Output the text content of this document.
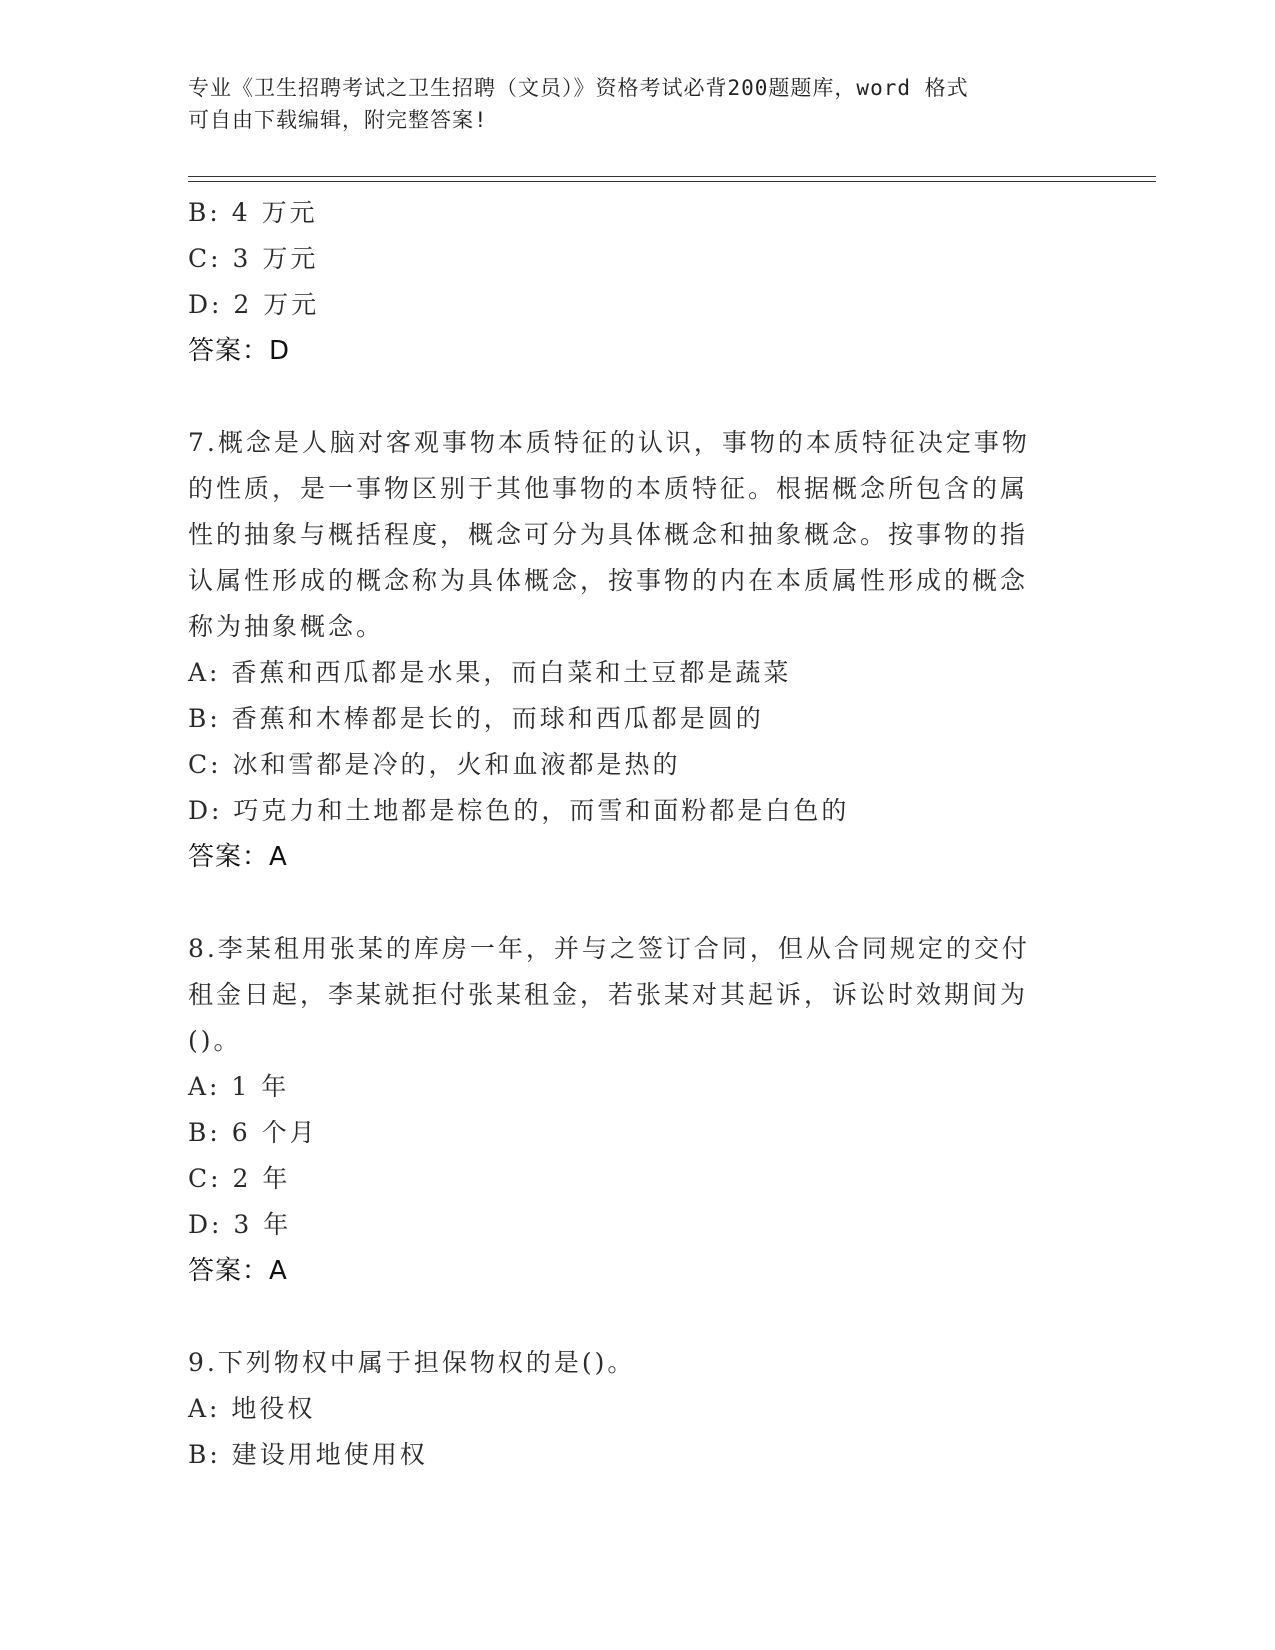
专业《卫生招聘考试之卫生招聘（文员）》资格考试必背200题题库，word 格式
可自由下载编辑，附完整答案!
B: 4 万元
C: 3 万元
D: 2 万元
答案：D
7.概念是人脑对客观事物本质特征的认识，事物的本质特征决定事物
的性质，是一事物区别于其他事物的本质特征。根据概念所包含的属
性的抽象与概括程度，概念可分为具体概念和抽象概念。按事物的指
认属性形成的概念称为具体概念，按事物的内在本质属性形成的概念
称为抽象概念。
A: 香蕉和西瓜都是水果，而白菜和土豆都是蔬菜
B: 香蕉和木棒都是长的，而球和西瓜都是圆的
C: 冰和雪都是冷的，火和血液都是热的
D: 巧克力和土地都是棕色的，而雪和面粉都是白色的
答案：A
8.李某租用张某的库房一年，并与之签订合同，但从合同规定的交付
租金日起，李某就拒付张某租金，若张某对其起诉，诉讼时效期间为
()。
A: 1 年
B: 6 个月
C: 2 年
D: 3 年
答案：A
9.下列物权中属于担保物权的是()。
A: 地役权
B: 建设用地使用权
